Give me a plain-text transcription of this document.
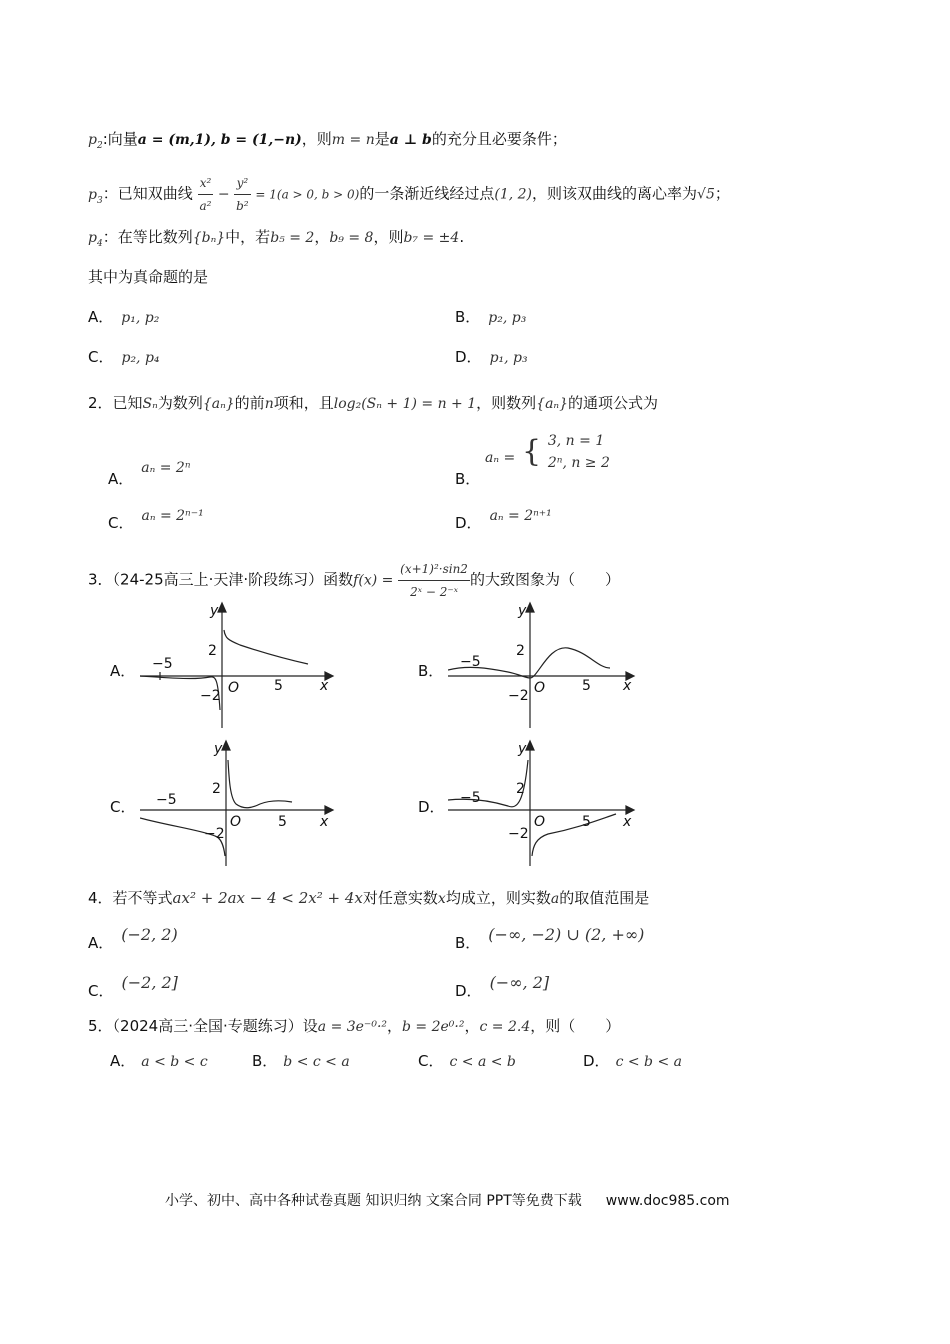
$p_2$:向量a = (m,1), b = (1,−n)，则m = n是a ⊥ b的充分且必要条件；
$p_3$：已知双曲线 $\frac{\text{x²}}{\text{a²}} - \frac{\text{y²}}{\text{b²}} = 1(a > 0$, b > 0)的一条渐近线经过点(1, 2)，则该双曲线的离心率为√5；
$p_4$：在等比数列{bₙ}中，若b₅ = 2，b₉ = 8，则b₇ = ±4.
其中为真命题的是
A． p₁, p₂	B． p₂, p₃
C． p₂, p₄	D． p₁, p₃
2．已知Sₙ为数列{aₙ}的前n项和，且log₂(Sₙ + 1) = n + 1，则数列{aₙ}的通项公式为
A．aₙ = 2ⁿ
B．
aₙ = { 3, n = 1
2ⁿ, n ≥ 2
C． aₙ = 2ⁿ⁻¹	D． aₙ = 2ⁿ⁺¹
3．（24-25高三上·天津·阶段练习）函数$f(x) = \frac{\text{(x+1)²·sin2}}{\text{2ˣ − 2⁻ˣ}}$ 的大致图象为（　　）
A．
y
x
O
2
−2
−5
5
B．
y
x
O
2
−2
−5
5
C．
y
x
O
2
−2
−5
5
D．
y
x
O
2
−2
−5
5
4．若不等式ax² + 2ax − 4 < 2x² + 4x对任意实数x均成立，则实数a的取值范围是
A． (−2, 2)	B． (−∞, −2) ∪ (2, +∞)
C． (−2, 2]	D． (−∞, 2]
5．（2024高三·全国·专题练习）设a = 3e⁻⁰·²，b = 2e⁰·²，c = 2.4，则（　　）
A． a < b < c	B． b < c < a	C． c < a < b	D． c < b < a
小学、初中、高中各种试卷真题 知识归纳 文案合同 PPT等免费下载 www.doc985.com
